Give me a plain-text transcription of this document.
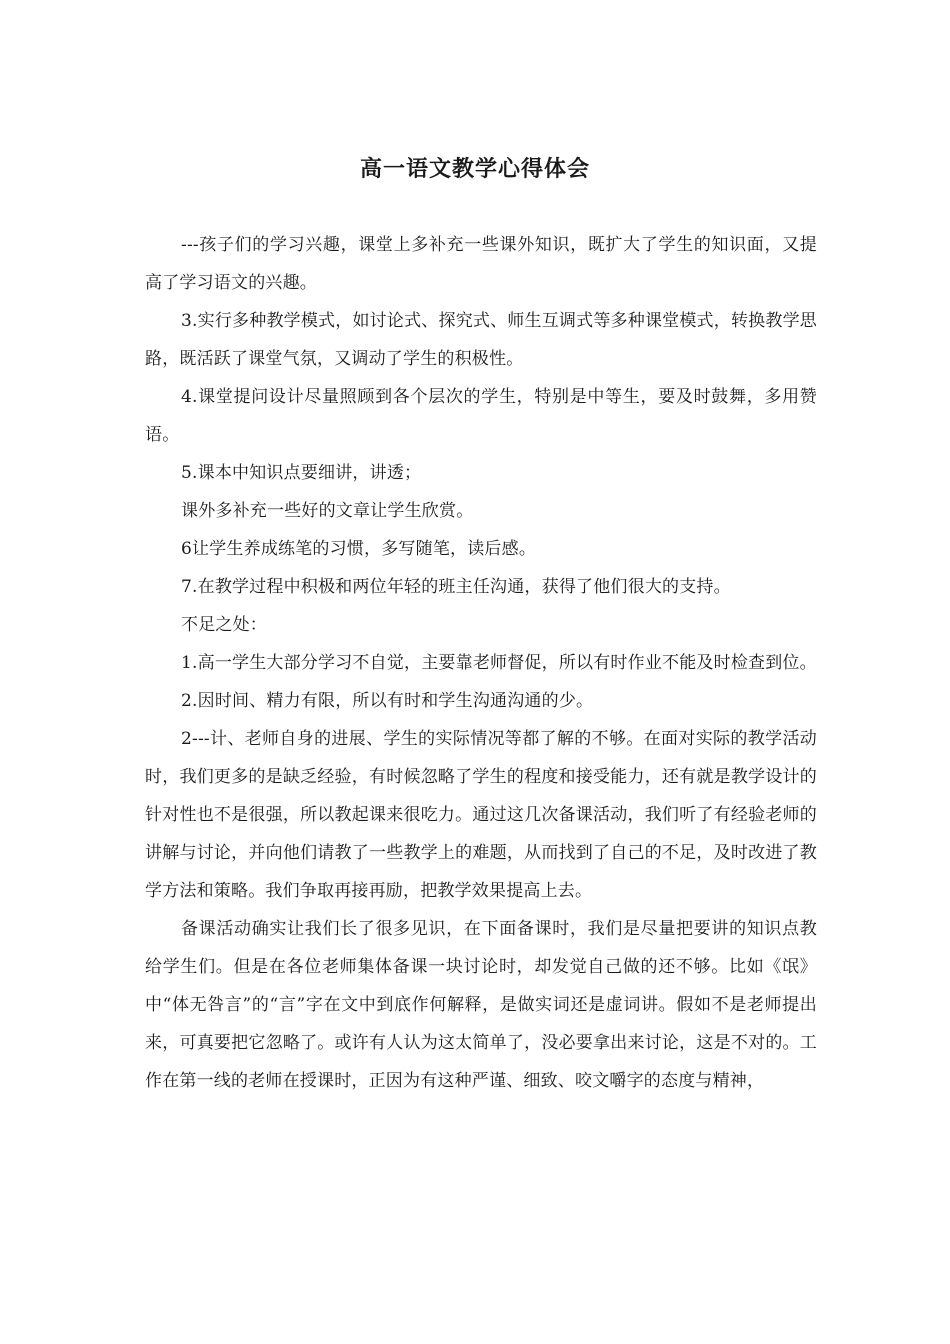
高一语文教学心得体会

---孩子们的学习兴趣，课堂上多补充一些课外知识，既扩大了学生的知识面，又提高了学习语文的兴趣。

3.实行多种教学模式，如讨论式、探究式、师生互调式等多种课堂模式，转换教学思路，既活跃了课堂气氛，又调动了学生的积极性。

4.课堂提问设计尽量照顾到各个层次的学生，特别是中等生，要及时鼓舞，多用赞语。

5.课本中知识点要细讲，讲透；

课外多补充一些好的文章让学生欣赏。

6让学生养成练笔的习惯，多写随笔，读后感。

7.在教学过程中积极和两位年轻的班主任沟通，获得了他们很大的支持。

不足之处：

1.高一学生大部分学习不自觉，主要靠老师督促，所以有时作业不能及时检查到位。

2.因时间、精力有限，所以有时和学生沟通沟通的少。

2---计、老师自身的进展、学生的实际情况等都了解的不够。在面对实际的教学活动时，我们更多的是缺乏经验，有时候忽略了学生的程度和接受能力，还有就是教学设计的针对性也不是很强，所以教起课来很吃力。通过这几次备课活动，我们听了有经验老师的讲解与讨论，并向他们请教了一些教学上的难题，从而找到了自己的不足，及时改进了教学方法和策略。我们争取再接再励，把教学效果提高上去。

备课活动确实让我们长了很多见识，在下面备课时，我们是尽量把要讲的知识点教给学生们。但是在各位老师集体备课一块讨论时，却发觉自己做的还不够。比如《氓》中“体无咎言”的“言”字在文中到底作何解释，是做实词还是虚词讲。假如不是老师提出来，可真要把它忽略了。或许有人认为这太简单了，没必要拿出来讨论，这是不对的。工作在第一线的老师在授课时，正因为有这种严谨、细致、咬文嚼字的态度与精神，
